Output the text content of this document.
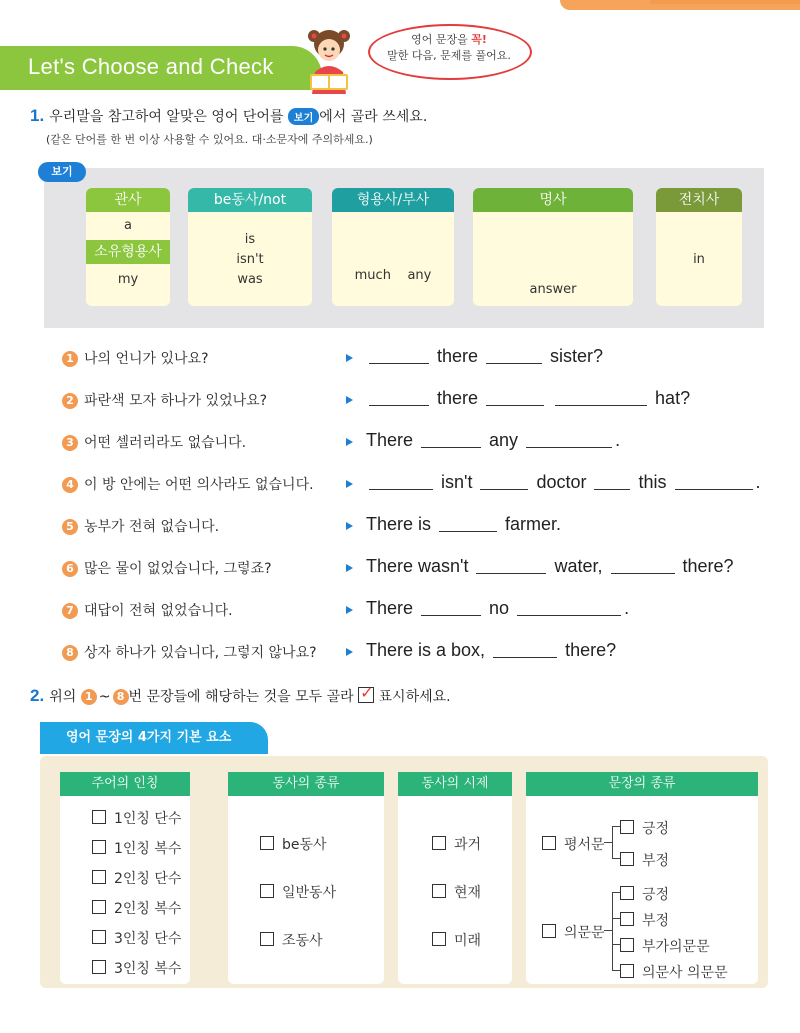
Let's Choose and Check
영어 문장을 꼭!
말한 다음, 문제를 풀어요.
1. 우리말을 참고하여 알맞은 영어 단어를 보기 에서 골라 쓰세요.
(같은 단어를 한 번 이상 사용할 수 있어요. 대·소문자에 주의하세요.)
보기
관사
a
소유형용사
my
be동사/not
is
isn't
was
형용사/부사

much    any

명사

answer

전치사
in
1 나의 언니가 있나요?	there	sister?
2 파란색 모자 하나가 있었나요?	there	hat?
3 어떤 셀러리라도 없습니다.	There	any	.
4 이 방 안에는 어떤 의사라도 없습니다.	isn't	doctor  this	.
5 농부가 전혀 없습니다.	There is	farmer.
6 많은 물이 없었습니다, 그렇죠?	There wasn't	water,	there?
7 대답이 전혀 없었습니다.	There	no	.
8 상자 하나가 있습니다, 그렇지 않나요?	There is a box,	there?
2. 위의 1 ~ 8 번 문장들에 해당하는 것을 모두 골라 ✓ 표시하세요.
영어 문장의 4가지 기본 요소
주어의 인칭
1인칭 단수
1인칭 복수
2인칭 단수
2인칭 복수
3인칭 단수
3인칭 복수
동사의 종류
be동사
일반동사
조동사
동사의 시제
과거
현재
미래
문장의 종류
평서문
긍정
부정
의문문
긍정
부정
부가의문문
의문사 의문문
